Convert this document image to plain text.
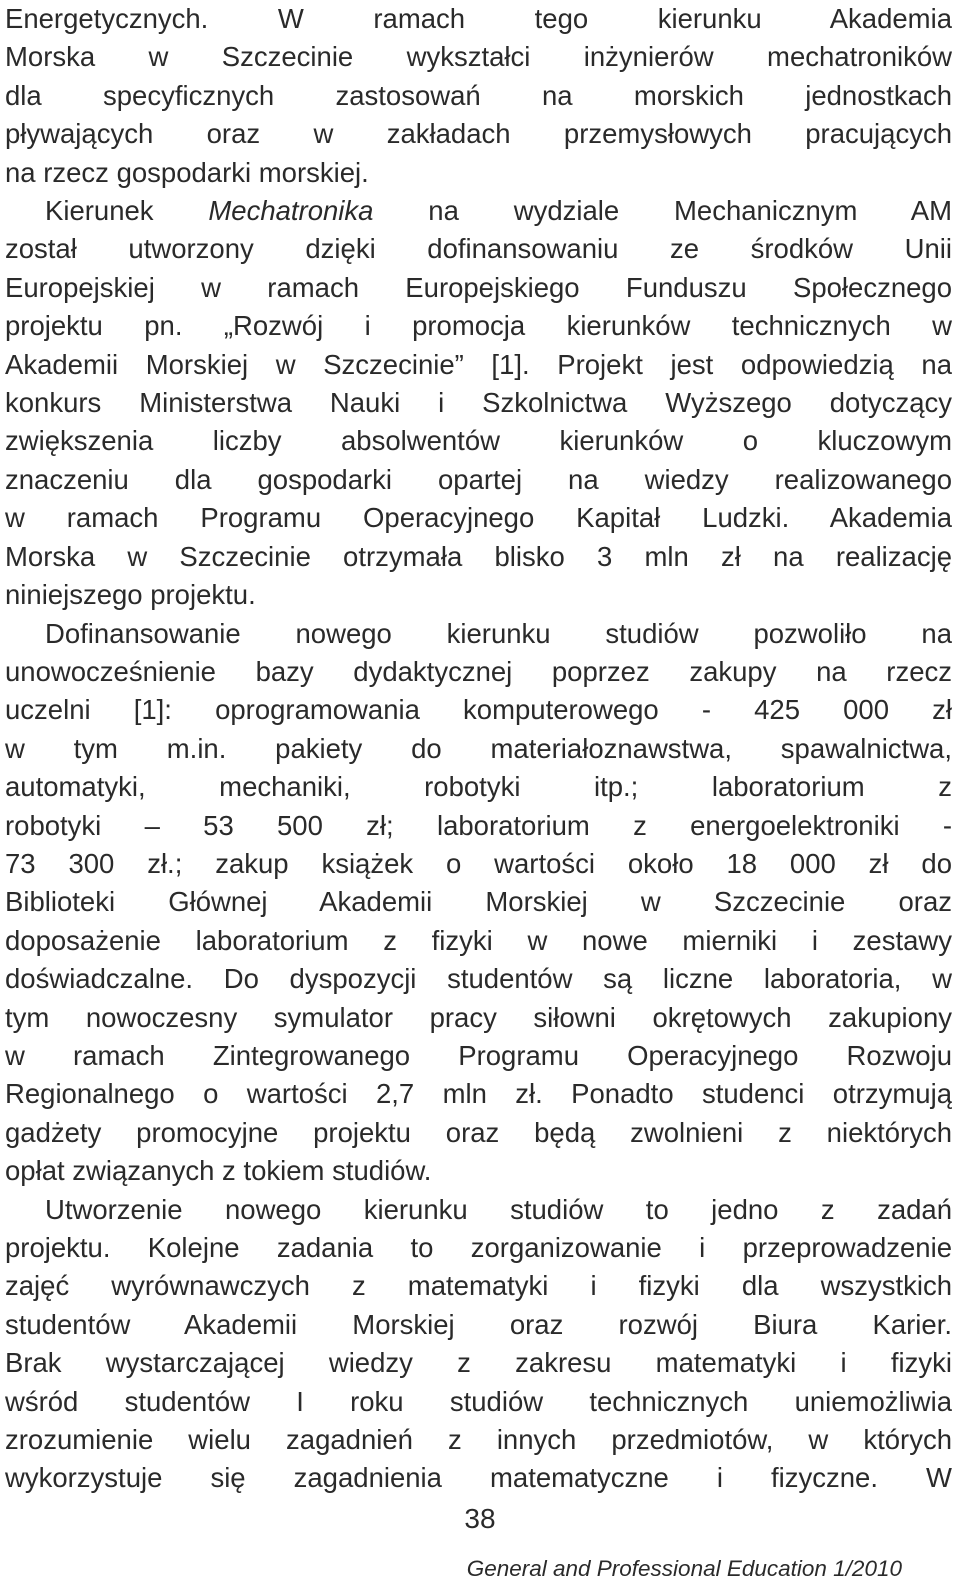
Energetycznych. W ramach tego kierunku Akademia
Morska w Szczecinie wykształci inżynierów mechatroników
dla specyficznych zastosowań na morskich jednostkach
pływających oraz w zakładach przemysłowych pracujących
na rzecz gospodarki morskiej.

Kierunek Mechatronika na wydziale Mechanicznym AM
został utworzony dzięki dofinansowaniu ze środków Unii
Europejskiej w ramach Europejskiego Funduszu Społecznego
projektu pn. „Rozwój i promocja kierunków technicznych w
Akademii Morskiej w Szczecinie” [1]. Projekt jest odpowiedzią na
konkurs Ministerstwa Nauki i Szkolnictwa Wyższego dotyczący
zwiększenia liczby absolwentów kierunków o kluczowym
znaczeniu dla gospodarki opartej na wiedzy realizowanego
w ramach Programu Operacyjnego Kapitał Ludzki. Akademia
Morska w Szczecinie otrzymała blisko 3 mln zł na realizację
niniejszego projektu.

Dofinansowanie nowego kierunku studiów pozwoliło na
unowocześnienie bazy dydaktycznej poprzez zakupy na rzecz
uczelni [1]: oprogramowania komputerowego - 425 000 zł
w tym m.in. pakiety do materiałoznawstwa, spawalnictwa,
automatyki, mechaniki, robotyki itp.; laboratorium z
robotyki – 53 500 zł; laboratorium z energoelektroniki -
73 300 zł.; zakup książek o wartości około 18 000 zł do
Biblioteki Głównej Akademii Morskiej w Szczecinie oraz
doposażenie laboratorium z fizyki w nowe mierniki i zestawy
doświadczalne. Do dyspozycji studentów są liczne laboratoria, w
tym nowoczesny symulator pracy siłowni okrętowych zakupiony
w ramach Zintegrowanego Programu Operacyjnego Rozwoju
Regionalnego o wartości 2,7 mln zł. Ponadto studenci otrzymują
gadżety promocyjne projektu oraz będą zwolnieni z niektórych
opłat związanych z tokiem studiów.

Utworzenie nowego kierunku studiów to jedno z zadań
projektu. Kolejne zadania to zorganizowanie i przeprowadzenie
zajęć wyrównawczych z matematyki i fizyki dla wszystkich
studentów Akademii Morskiej oraz rozwój Biura Karier.
Brak wystarczającej wiedzy z zakresu matematyki i fizyki
wśród studentów I roku studiów technicznych uniemożliwia
zrozumienie wielu zagadnień z innych przedmiotów, w których
wykorzystuje się zagadnienia matematyczne i fizyczne. W

38
General and Professional Education 1/2010
